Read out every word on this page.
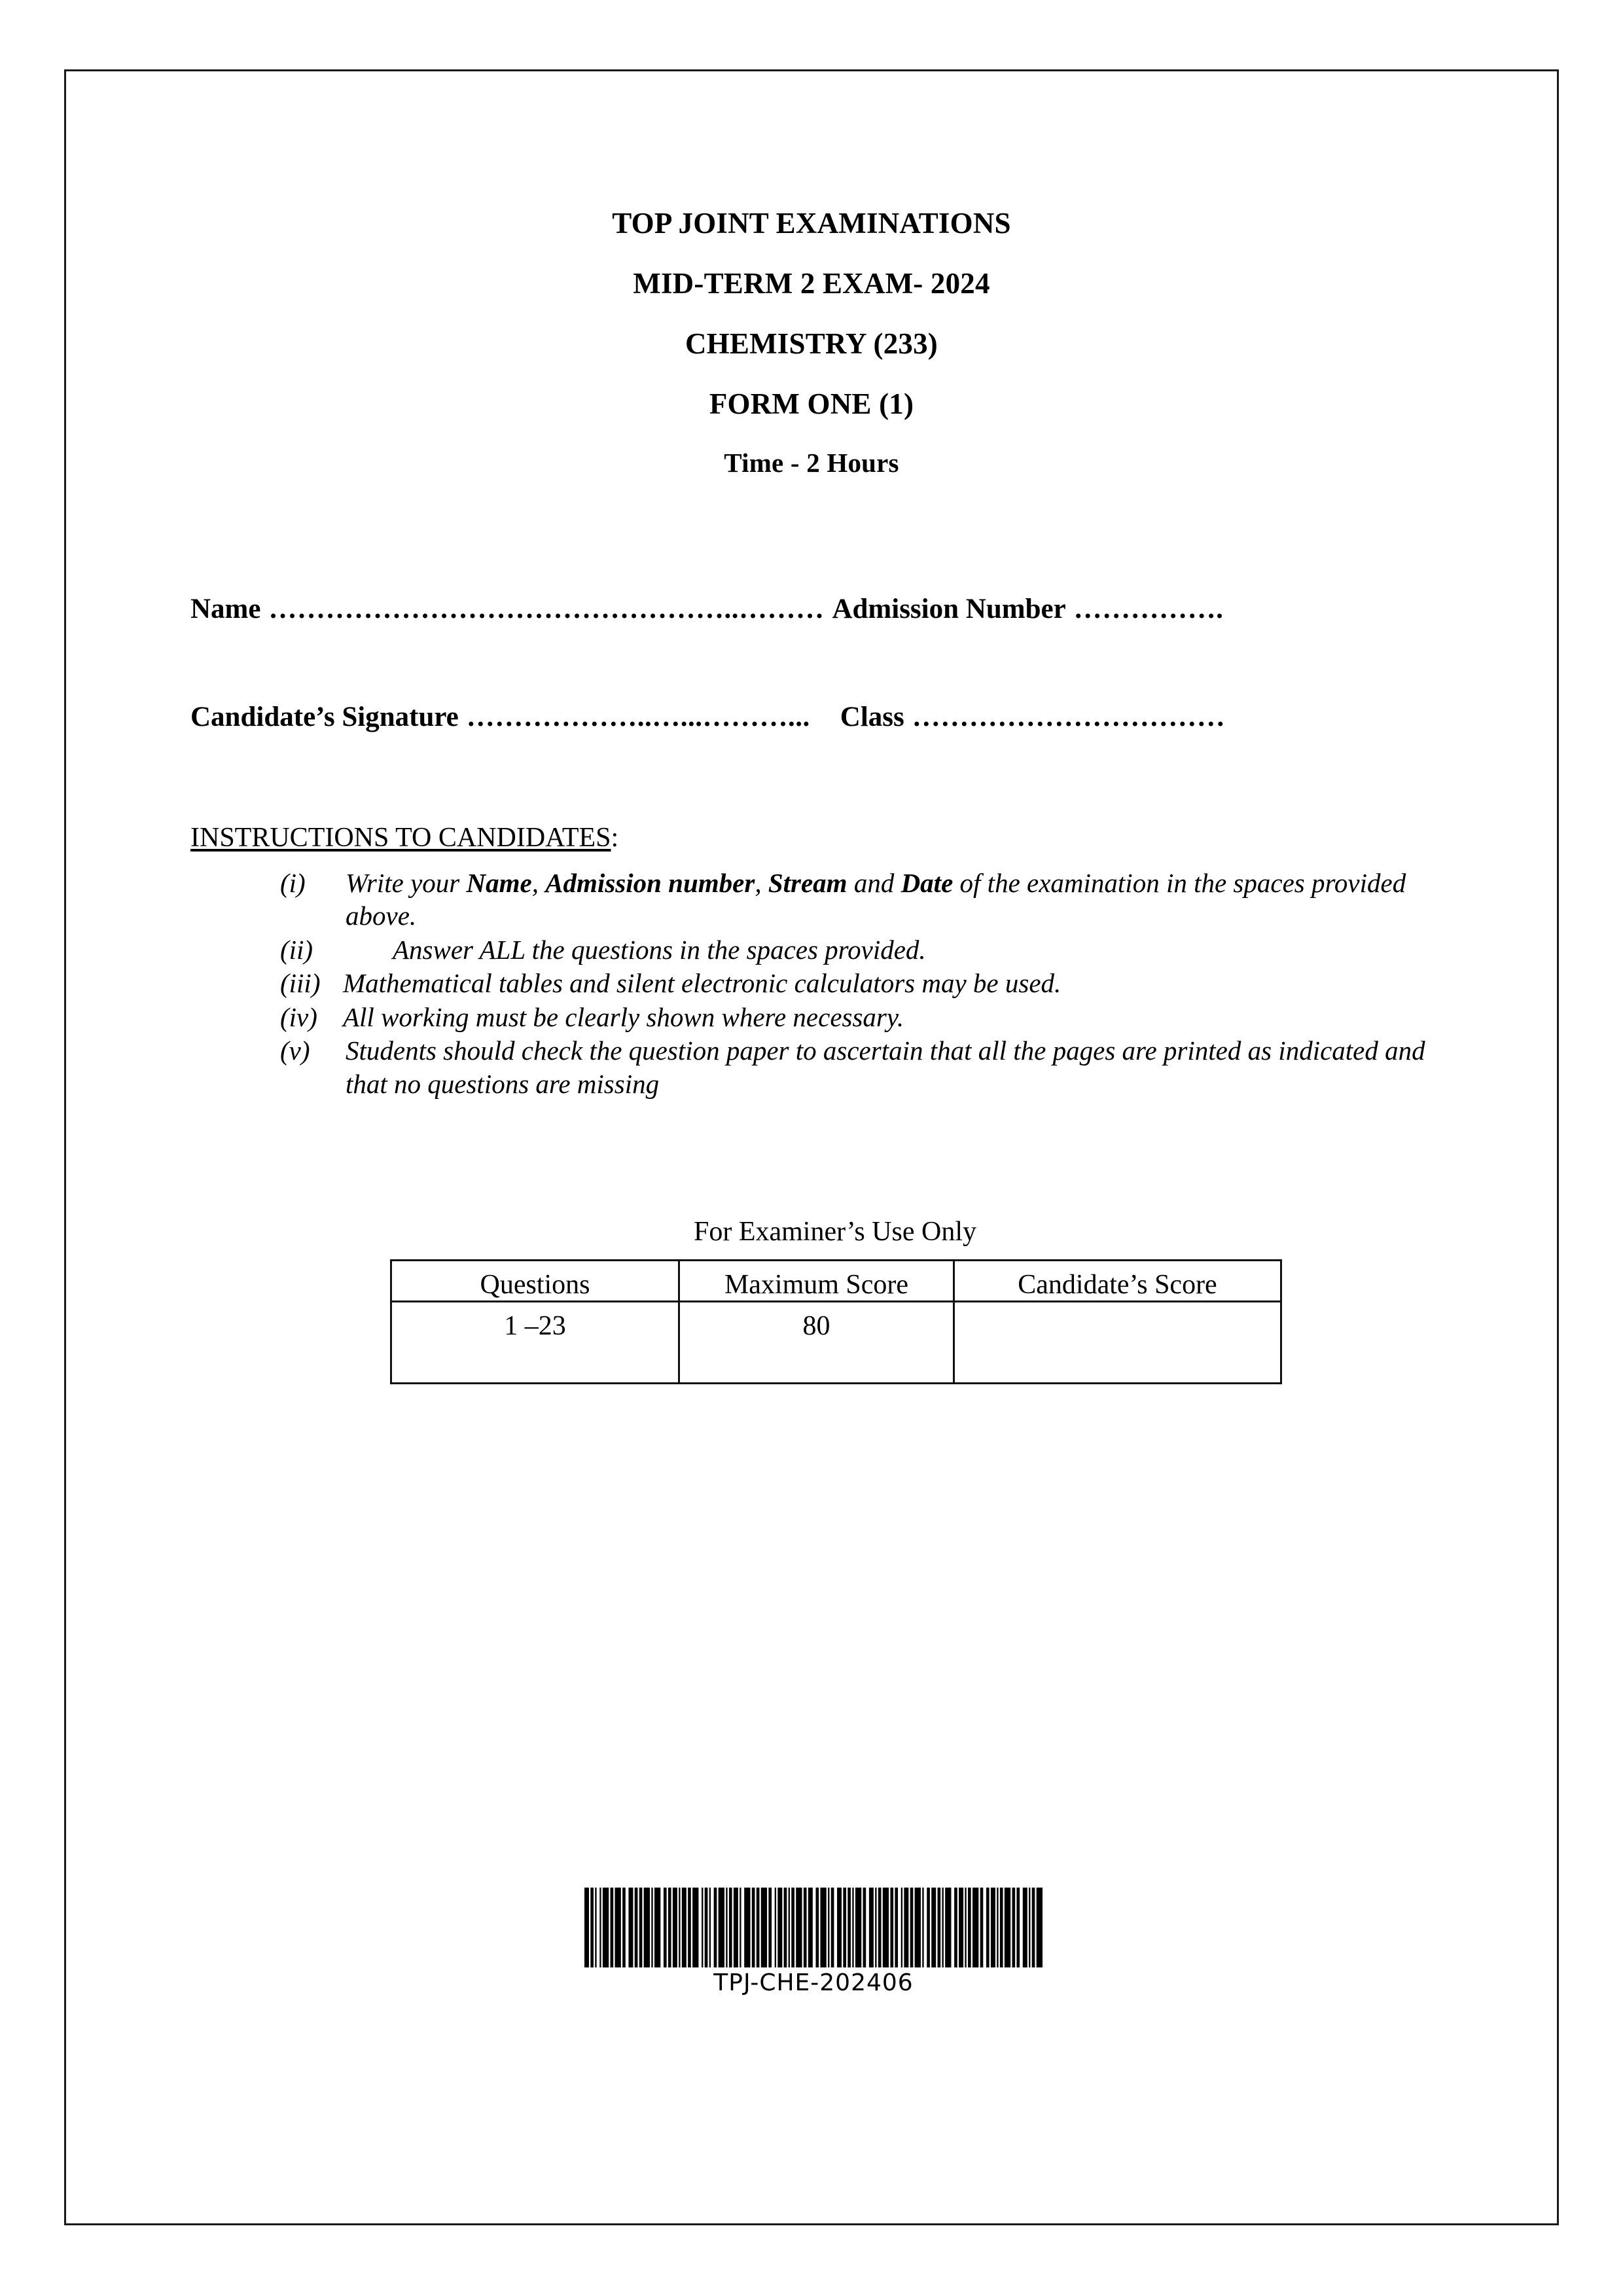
TOP JOINT EXAMINATIONS
MID-TERM 2 EXAM- 2024
CHEMISTRY (233)
FORM ONE (1)
Time - 2 Hours
Name …………………………………………..……… Admission Number …………….
Candidate’s Signature ………………..…...………... Class ……………………………
INSTRUCTIONS TO CANDIDATES:
(i) Write your Name, Admission number, Stream and Date of the examination in the spaces provided above.
(ii)	Answer ALL the questions in the spaces provided.
(iii) Mathematical tables and silent electronic calculators may be used.
(iv) All working must be clearly shown where necessary.
(v) Students should check the question paper to ascertain that all the pages are printed as indicated and that no questions are missing
For Examiner’s Use Only
Questions	Maximum Score	Candidate’s Score
1 –23	80	
TPJ-CHE-202406
